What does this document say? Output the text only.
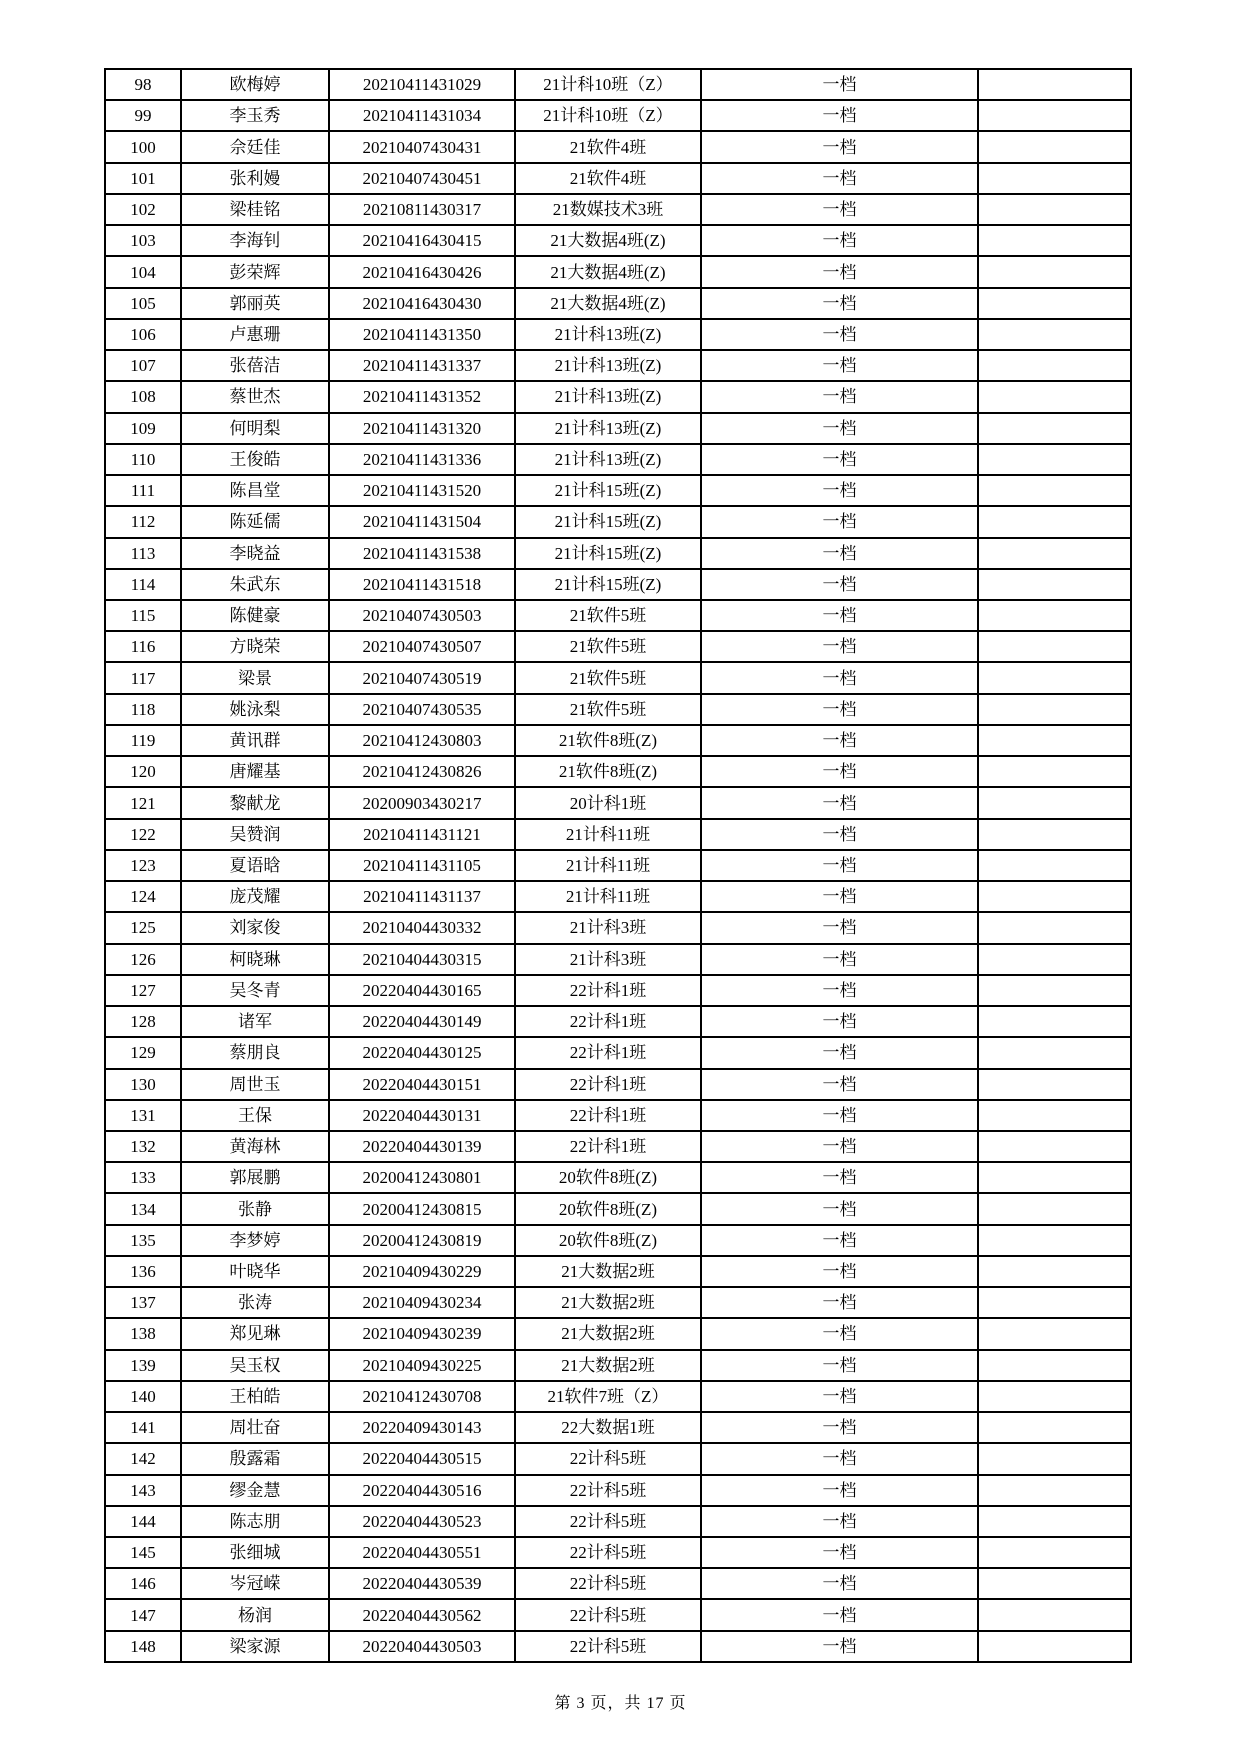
98	欧梅婷	20210411431029	21计科10班（Z）	一档	
99	李玉秀	20210411431034	21计科10班（Z）	一档	
100	佘廷佳	20210407430431	21软件4班	一档	
101	张利嫚	20210407430451	21软件4班	一档	
102	梁桂铭	20210811430317	21数媒技术3班	一档	
103	李海钊	20210416430415	21大数据4班(Z)	一档	
104	彭荣辉	20210416430426	21大数据4班(Z)	一档	
105	郭丽英	20210416430430	21大数据4班(Z)	一档	
106	卢惠珊	20210411431350	21计科13班(Z)	一档	
107	张蓓洁	20210411431337	21计科13班(Z)	一档	
108	蔡世杰	20210411431352	21计科13班(Z)	一档	
109	何明梨	20210411431320	21计科13班(Z)	一档	
110	王俊皓	20210411431336	21计科13班(Z)	一档	
111	陈昌堂	20210411431520	21计科15班(Z)	一档	
112	陈延儒	20210411431504	21计科15班(Z)	一档	
113	李晓益	20210411431538	21计科15班(Z)	一档	
114	朱武东	20210411431518	21计科15班(Z)	一档	
115	陈健豪	20210407430503	21软件5班	一档	
116	方晓荣	20210407430507	21软件5班	一档	
117	梁景	20210407430519	21软件5班	一档	
118	姚泳梨	20210407430535	21软件5班	一档	
119	黄讯群	20210412430803	21软件8班(Z)	一档	
120	唐耀基	20210412430826	21软件8班(Z)	一档	
121	黎献龙	20200903430217	20计科1班	一档	
122	吴赞润	20210411431121	21计科11班	一档	
123	夏语晗	20210411431105	21计科11班	一档	
124	庞茂耀	20210411431137	21计科11班	一档	
125	刘家俊	20210404430332	21计科3班	一档	
126	柯晓琳	20210404430315	21计科3班	一档	
127	吴冬青	20220404430165	22计科1班	一档	
128	诸军	20220404430149	22计科1班	一档	
129	蔡朋良	20220404430125	22计科1班	一档	
130	周世玉	20220404430151	22计科1班	一档	
131	王保	20220404430131	22计科1班	一档	
132	黄海林	20220404430139	22计科1班	一档	
133	郭展鹏	20200412430801	20软件8班(Z)	一档	
134	张静	20200412430815	20软件8班(Z)	一档	
135	李梦婷	20200412430819	20软件8班(Z)	一档	
136	叶晓华	20210409430229	21大数据2班	一档	
137	张涛	20210409430234	21大数据2班	一档	
138	郑见琳	20210409430239	21大数据2班	一档	
139	吴玉权	20210409430225	21大数据2班	一档	
140	王柏皓	20210412430708	21软件7班（Z）	一档	
141	周壮奋	20220409430143	22大数据1班	一档	
142	殷露霜	20220404430515	22计科5班	一档	
143	缪金慧	20220404430516	22计科5班	一档	
144	陈志朋	20220404430523	22计科5班	一档	
145	张细城	20220404430551	22计科5班	一档	
146	岑冠嵘	20220404430539	22计科5班	一档	
147	杨润	20220404430562	22计科5班	一档	
148	梁家源	20220404430503	22计科5班	一档	
第 3 页，共 17 页
